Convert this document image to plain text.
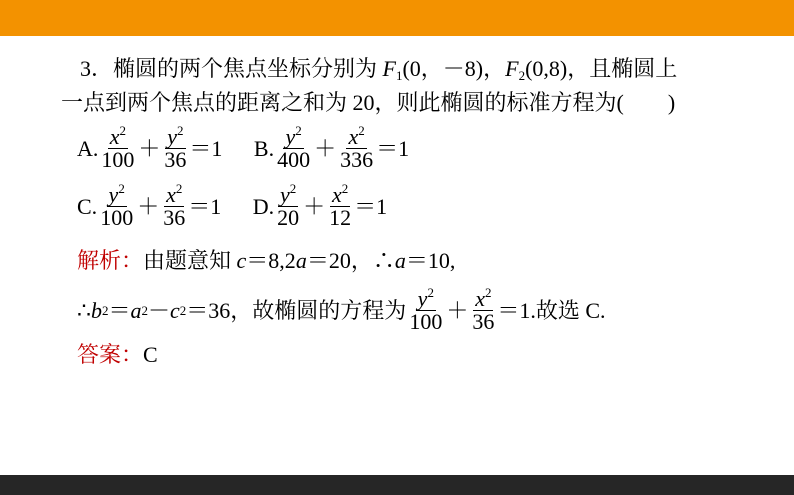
3．椭圆的两个焦点坐标分别为 $F_1(0$，－8)，$F_2(0,8)$，且椭圆上
一点到两个焦点的距离之和为 20，则此椭圆的标准方程为(　　)
A. $\frac{x^2}{100} + \frac{y^2}{36} =1$
B. $\frac{y^2}{400} + \frac{x^2}{336} =1$
C. $\frac{y^2}{100} + \frac{x^2}{36} =1$
D. $\frac{y^2}{20} + \frac{x^2}{12} =1$
解析：由题意知 c＝8,2a＝20，∴a＝10,
∴ b 2 ＝ a 2 － c 2 ＝36，故椭圆的方程为 $\frac{y^2}{100} + \frac{x^2}{36} =1$.故选 C.
答案：C
